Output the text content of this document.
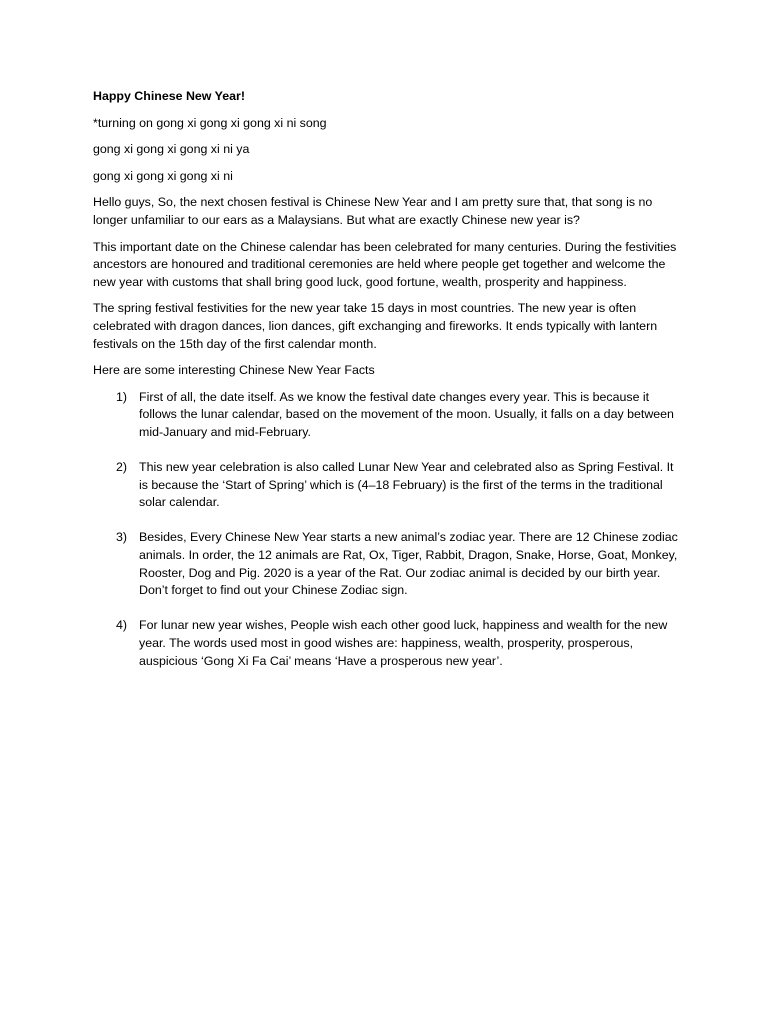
Happy Chinese New Year!

*turning on gong xi gong xi gong xi ni song

gong xi gong xi gong xi ni ya

gong xi gong xi gong xi ni

Hello guys, So, the next chosen festival is Chinese New Year and I am pretty sure that, that song is no longer unfamiliar to our ears as a Malaysians. But what are exactly Chinese new year is?

This important date on the Chinese calendar has been celebrated for many centuries. During the festivities ancestors are honoured and traditional ceremonies are held where people get together and welcome the new year with customs that shall bring good luck, good fortune, wealth, prosperity and happiness.

The spring festival festivities for the new year take 15 days in most countries. The new year is often celebrated with dragon dances, lion dances, gift exchanging and fireworks. It ends typically with lantern festivals on the 15th day of the first calendar month.

Here are some interesting Chinese New Year Facts

1) First of all, the date itself. As we know the festival date changes every year. This is because it follows the lunar calendar, based on the movement of the moon. Usually, it falls on a day between mid-January and mid-February.
2) This new year celebration is also called Lunar New Year and celebrated also as Spring Festival. It is because the ‘Start of Spring’ which is (4–18 February) is the first of the terms in the traditional solar calendar.
3) Besides, Every Chinese New Year starts a new animal’s zodiac year. There are 12 Chinese zodiac animals. In order, the 12 animals are Rat, Ox, Tiger, Rabbit, Dragon, Snake, Horse, Goat, Monkey, Rooster, Dog and Pig. 2020 is a year of the Rat. Our zodiac animal is decided by our birth year. Don’t forget to find out your Chinese Zodiac sign.
4) For lunar new year wishes, People wish each other good luck, happiness and wealth for the new year. The words used most in good wishes are: happiness, wealth, prosperity, prosperous, auspicious ‘Gong Xi Fa Cai’ means ‘Have a prosperous new year’.
